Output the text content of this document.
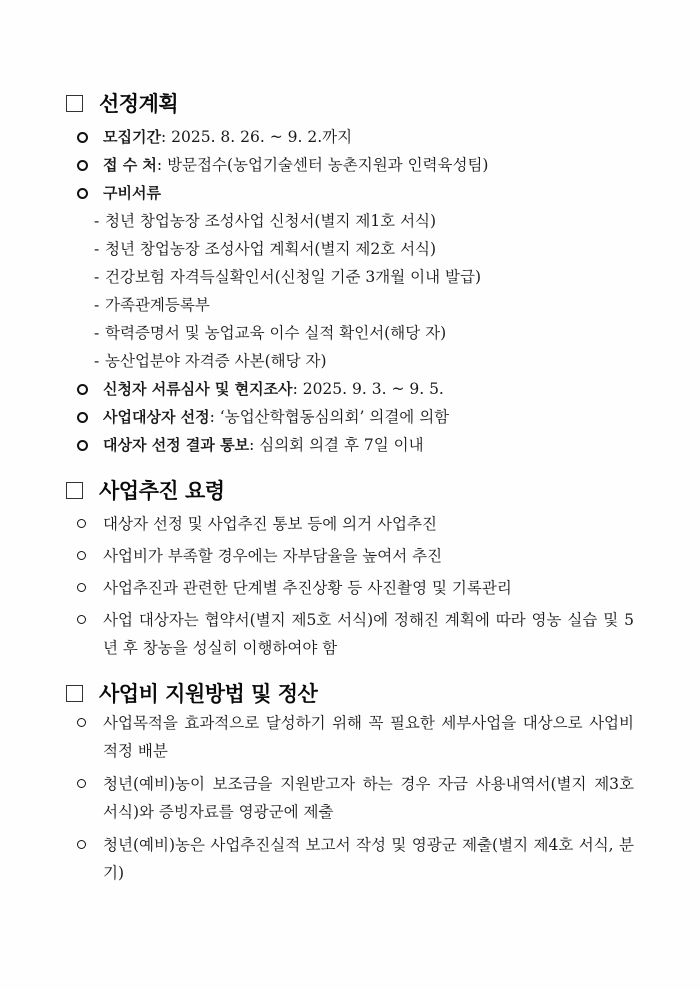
선정계획
모집기간: 2025. 8. 26. ~ 9. 2.까지
접 수 처: 방문접수(농업기술센터 농촌지원과 인력육성팀)
구비서류
- 청년 창업농장 조성사업 신청서(별지 제1호 서식)
- 청년 창업농장 조성사업 계획서(별지 제2호 서식)
- 건강보험 자격득실확인서(신청일 기준 3개월 이내 발급)
- 가족관계등록부
- 학력증명서 및 농업교육 이수 실적 확인서(해당 자)
- 농산업분야 자격증 사본(해당 자)
신청자 서류심사 및 현지조사: 2025. 9. 3. ~ 9. 5.
사업대상자 선정: ‘농업산학협동심의회’ 의결에 의함
대상자 선정 결과 통보: 심의회 의결 후 7일 이내
사업추진 요령
대상자 선정 및 사업추진 통보 등에 의거 사업추진
사업비가 부족할 경우에는 자부담율을 높여서 추진
사업추진과 관련한 단계별 추진상황 등 사진촬영 및 기록관리
사업 대상자는 협약서(별지 제5호 서식)에 정해진 계획에 따라 영농 실습 및 5년 후 창농을 성실히 이행하여야 함
사업비 지원방법 및 정산
사업목적을 효과적으로 달성하기 위해 꼭 필요한 세부사업을 대상으로 사업비 적정 배분
청년(예비)농이 보조금을 지원받고자 하는 경우 자금 사용내역서(별지 제3호 서식)와 증빙자료를 영광군에 제출
청년(예비)농은 사업추진실적 보고서 작성 및 영광군 제출(별지 제4호 서식, 분기)
